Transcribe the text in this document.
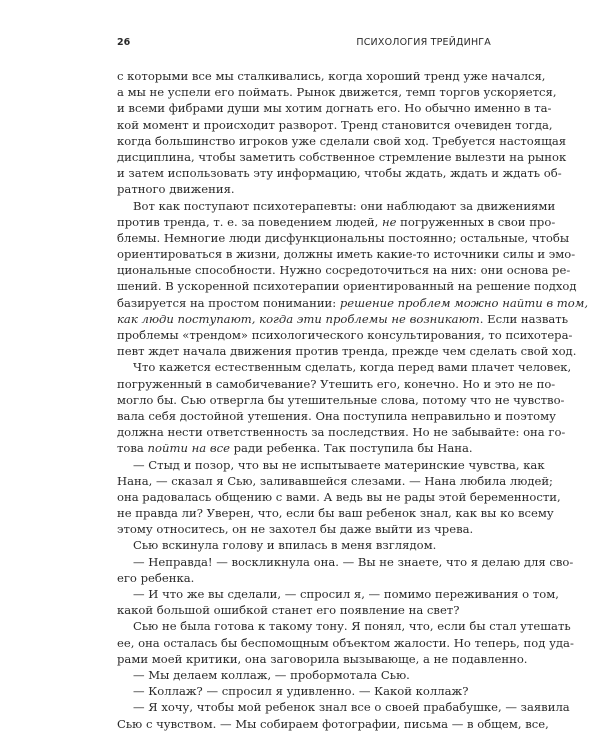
26	ПСИХОЛОГИЯ ТРЕЙДИНГА
с которыми все мы сталкивались, когда хороший тренд уже начался,
а мы не успели его поймать. Рынок движется, темп торгов ускоряется,
и всеми фибрами души мы хотим догнать его. Но обычно именно в та-
кой момент и происходит разворот. Тренд становится очевиден тогда,
когда большинство игроков уже сделали свой ход. Требуется настоящая
дисциплина, чтобы заметить собственное стремление вылезти на рынок
и затем использовать эту информацию, чтобы ждать, ждать и ждать об-
ратного движения.
Вот как поступают психотерапевты: они наблюдают за движениями
против тренда, т. е. за поведением людей, не погруженных в свои про-
блемы. Немногие люди дисфункциональны постоянно; остальные, чтобы
ориентироваться в жизни, должны иметь какие-то источники силы и эмо-
циональные способности. Нужно сосредоточиться на них: они основа ре-
шений. В ускоренной психотерапии ориентированный на решение подход
базируется на простом понимании: решение проблем можно найти в том,
как люди поступают, когда эти проблемы не возникают. Если назвать
проблемы «трендом» психологического консультирования, то психотера-
певт ждет начала движения против тренда, прежде чем сделать свой ход.
Что кажется естественным сделать, когда перед вами плачет человек,
погруженный в самобичевание? Утешить его, конечно. Но и это не по-
могло бы. Сью отвергла бы утешительные слова, потому что не чувство-
вала себя достойной утешения. Она поступила неправильно и поэтому
должна нести ответственность за последствия. Но не забывайте: она го-
това пойти на все ради ребенка. Так поступила бы Нана.
— Стыд и позор, что вы не испытываете материнские чувства, как
Нана, — сказал я Сью, заливавшейся слезами. — Нана любила людей;
она радовалась общению с вами. А ведь вы не рады этой беременности,
не правда ли? Уверен, что, если бы ваш ребенок знал, как вы ко всему
этому относитесь, он не захотел бы даже выйти из чрева.
Сью вскинула голову и впилась в меня взглядом.
— Неправда! — воскликнула она. — Вы не знаете, что я делаю для сво-
его ребенка.
— И что же вы сделали, — спросил я, — помимо переживания о том,
какой большой ошибкой станет его появление на свет?
Сью не была готова к такому тону. Я понял, что, если бы стал утешать
ее, она осталась бы беспомощным объектом жалости. Но теперь, под уда-
рами моей критики, она заговорила вызывающе, а не подавленно.
— Мы делаем коллаж, — пробормотала Сью.
— Коллаж? — спросил я удивленно. — Какой коллаж?
— Я хочу, чтобы мой ребенок знал все о своей прабабушке, — заявила
Сью с чувством. — Мы собираем фотографии, письма — в общем, все,
